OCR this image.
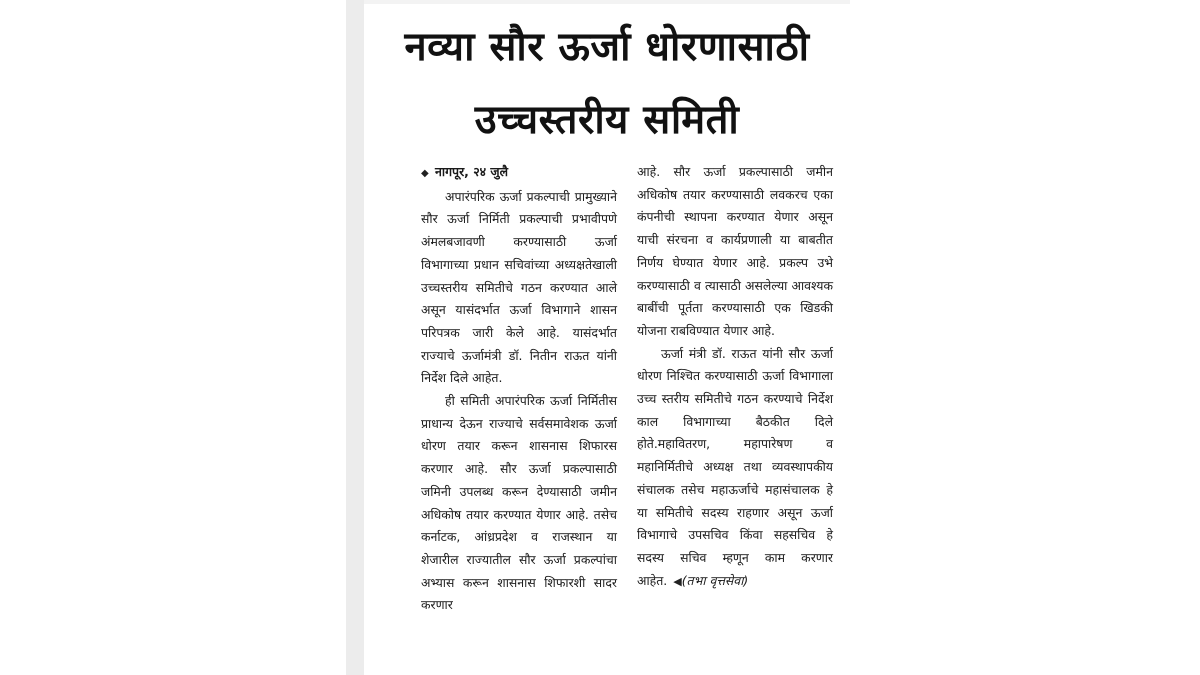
नव्या सौर ऊर्जा धोरणासाठी
उच्चस्तरीय समिती

◆ नागपूर, २४ जुलै

अपारंपरिक ऊर्जा प्रकल्पाची प्रामुख्याने सौर ऊर्जा निर्मिती प्रकल्पाची प्रभावीपणे अंमलबजावणी करण्यासाठी ऊर्जा विभागाच्या प्रधान सचिवांच्या अध्यक्षतेखाली उच्चस्तरीय समितीचे गठन करण्यात आले असून यासंदर्भात ऊर्जा विभागाने शासन परिपत्रक जारी केले आहे. यासंदर्भात राज्याचे ऊर्जामंत्री डॉ. नितीन राऊत यांनी निर्देश दिले आहेत.

ही समिती अपारंपरिक ऊर्जा निर्मितीस प्राधान्य देऊन राज्याचे सर्वसमावेशक ऊर्जा धोरण तयार करून शासनास शिफारस करणार आहे. सौर ऊर्जा प्रकल्पासाठी जमिनी उपलब्ध करून देण्यासाठी जमीन अधिकोष तयार करण्यात येणार आहे. तसेच कर्नाटक, आंध्रप्रदेश व राजस्थान या शेजारील राज्यातील सौर ऊर्जा प्रकल्पांचा अभ्यास करून शासनास शिफारशी सादर करणार

आहे. सौर ऊर्जा प्रकल्पासाठी जमीन अधिकोष तयार करण्यासाठी लवकरच एका कंपनीची स्थापना करण्यात येणार असून याची संरचना व कार्यप्रणाली या बाबतीत निर्णय घेण्यात येणार आहे. प्रकल्प उभे करण्यासाठी व त्यासाठी असलेल्या आवश्यक बाबींची पूर्तता करण्यासाठी एक खिडकी योजना राबविण्यात येणार आहे.

ऊर्जा मंत्री डॉ. राऊत यांनी सौर ऊर्जा धोरण निश्चित करण्यासाठी ऊर्जा विभागाला उच्च स्तरीय समितीचे गठन करण्याचे निर्देश काल विभागाच्या बैठकीत दिले होते.महावितरण, महापारेषण व महानिर्मितीचे अध्यक्ष तथा व्यवस्थापकीय संचालक तसेच महाऊर्जाचे महासंचालक हे या समितीचे सदस्य राहणार असून ऊर्जा विभागाचे उपसचिव किंवा सहसचिव हे सदस्य सचिव म्हणून काम करणार आहेत. ◀(तभा वृत्तसेवा)
